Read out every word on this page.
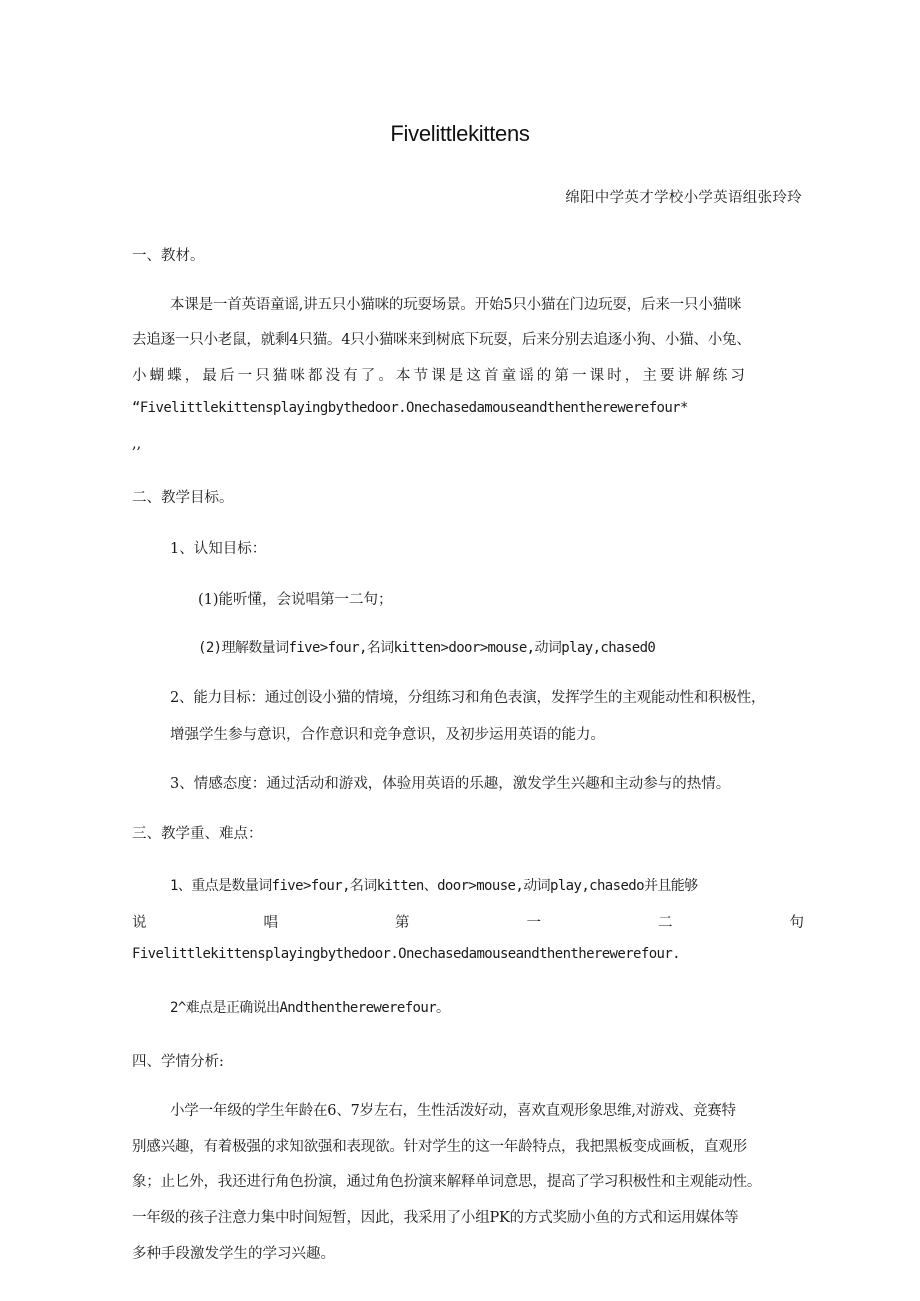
Fivelittlekittens
绵阳中学英才学校小学英语组张玲玲
一、教材。
本课是一首英语童谣,讲五只小猫咪的玩耍场景。开始5只小猫在门边玩耍，后来一只小猫咪
去追逐一只小老鼠，就剩4只猫。4只小猫咪来到树底下玩耍，后来分别去追逐小狗、小猫、小兔、
小蝴蝶，最后一只猫咪都没有了。本节课是这首童谣的第一课时，主要讲解练习
“Fivelittlekittensplayingbythedoor.Onechasedamouseandthentherewerefour*
,,
二、教学目标。
1、认知目标：
(1)能听懂，会说唱第一二句；
(2)理解数量词five>four,名词kitten>door>mouse,动词play,chased0
2、能力目标：通过创设小猫的情境，分组练习和角色表演，发挥学生的主观能动性和积极性，
增强学生参与意识，合作意识和竞争意识，及初步运用英语的能力。
3、情感态度：通过活动和游戏，体验用英语的乐趣，激发学生兴趣和主动参与的热情。
三、教学重、难点：
1、重点是数量词five>four,名词kitten、door>mouse,动词play,chasedo并且能够
说 唱 第 一 二 句
Fivelittlekittensplayingbythedoor.Onechasedamouseandthentherewerefour.
2^难点是正确说出Andthentherewerefour。
四、学情分析:
小学一年级的学生年龄在6、7岁左右，生性活泼好动，喜欢直观形象思维,对游戏、竞赛特
别感兴趣，有着极强的求知欲强和表现欲。针对学生的这一年龄特点，我把黑板变成画板，直观形
象；止匕外，我还进行角色扮演，通过角色扮演来解释单词意思，提高了学习积极性和主观能动性。
一年级的孩子注意力集中时间短暂，因此，我采用了小组PK的方式奖励小鱼的方式和运用媒体等
多种手段激发学生的学习兴趣。
